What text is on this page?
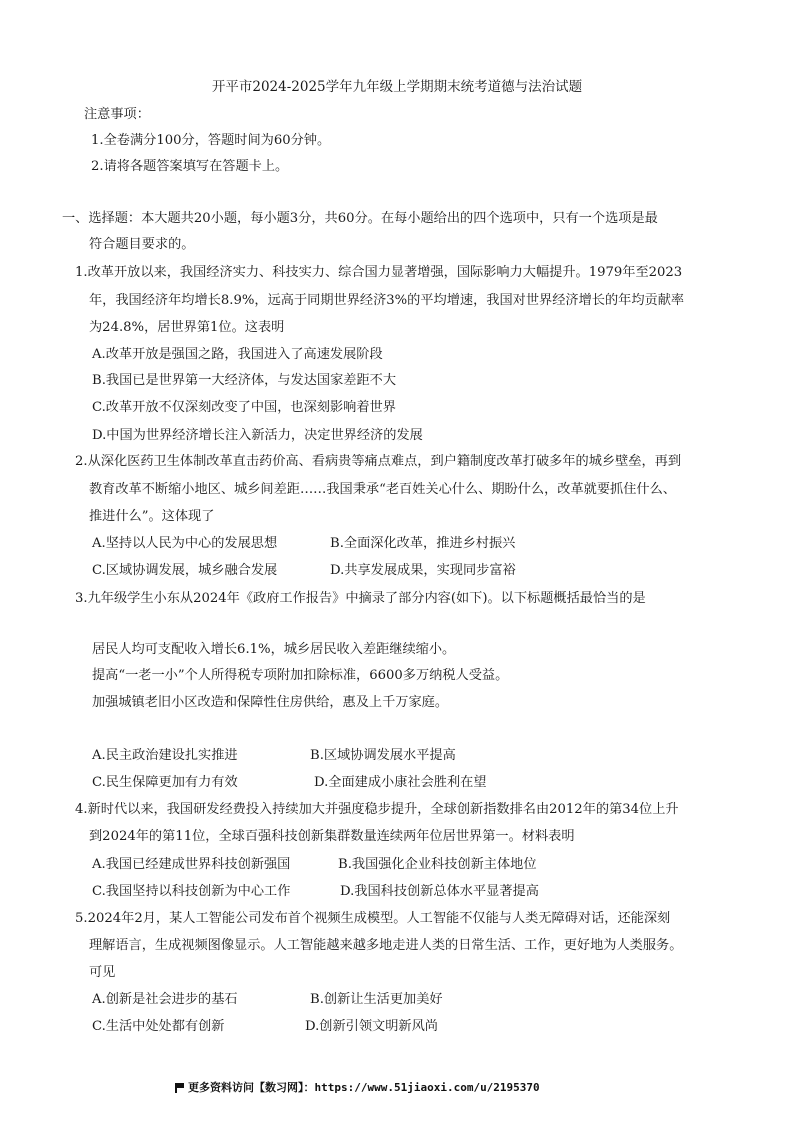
开平市2024-2025学年九年级上学期期末统考道德与法治试题
注意事项：
1.全卷满分100分，答题时间为60分钟。
2.请将各题答案填写在答题卡上。
一、选择题：本大题共20小题，每小题3分，共60分。在每小题给出的四个选项中，只有一个选项是最
符合题目要求的。
1.改革开放以来，我国经济实力、科技实力、综合国力显著增强，国际影响力大幅提升。1979年至2023
年，我国经济年均增长8.9%，远高于同期世界经济3%的平均增速，我国对世界经济增长的年均贡献率
为24.8%，居世界第1位。这表明
A.改革开放是强国之路，我国进入了高速发展阶段
B.我国已是世界第一大经济体，与发达国家差距不大
C.改革开放不仅深刻改变了中国，也深刻影响着世界
D.中国为世界经济增长注入新活力，决定世界经济的发展
2.从深化医药卫生体制改革直击药价高、看病贵等痛点难点，到户籍制度改革打破多年的城乡壁垒，再到
教育改革不断缩小地区、城乡间差距……我国秉承“老百姓关心什么、期盼什么，改革就要抓住什么、
推进什么”。这体现了
A.坚持以人民为中心的发展思想	B.全面深化改革，推进乡村振兴
C.区域协调发展，城乡融合发展	D.共享发展成果，实现同步富裕
3.九年级学生小东从2024年《政府工作报告》中摘录了部分内容(如下)。以下标题概括最恰当的是
居民人均可支配收入增长6.1%，城乡居民收入差距继续缩小。
提高“一老一小”个人所得税专项附加扣除标准，6600多万纳税人受益。
加强城镇老旧小区改造和保障性住房供给，惠及上千万家庭。
A.民主政治建设扎实推进	B.区域协调发展水平提高
C.民生保障更加有力有效	D.全面建成小康社会胜利在望
4.新时代以来，我国研发经费投入持续加大并强度稳步提升，全球创新指数排名由2012年的第34位上升
到2024年的第11位，全球百强科技创新集群数量连续两年位居世界第一。材料表明
A.我国已经建成世界科技创新强国	B.我国强化企业科技创新主体地位
C.我国坚持以科技创新为中心工作	D.我国科技创新总体水平显著提高
5.2024年2月，某人工智能公司发布首个视频生成模型。人工智能不仅能与人类无障碍对话，还能深刻
理解语言，生成视频图像显示。人工智能越来越多地走进人类的日常生活、工作，更好地为人类服务。
可见
A.创新是社会进步的基石	B.创新让生活更加美好
C.生活中处处都有创新	D.创新引领文明新风尚
更多资料访问【数习网】：https://www.51jiaoxi.com/u/2195370
